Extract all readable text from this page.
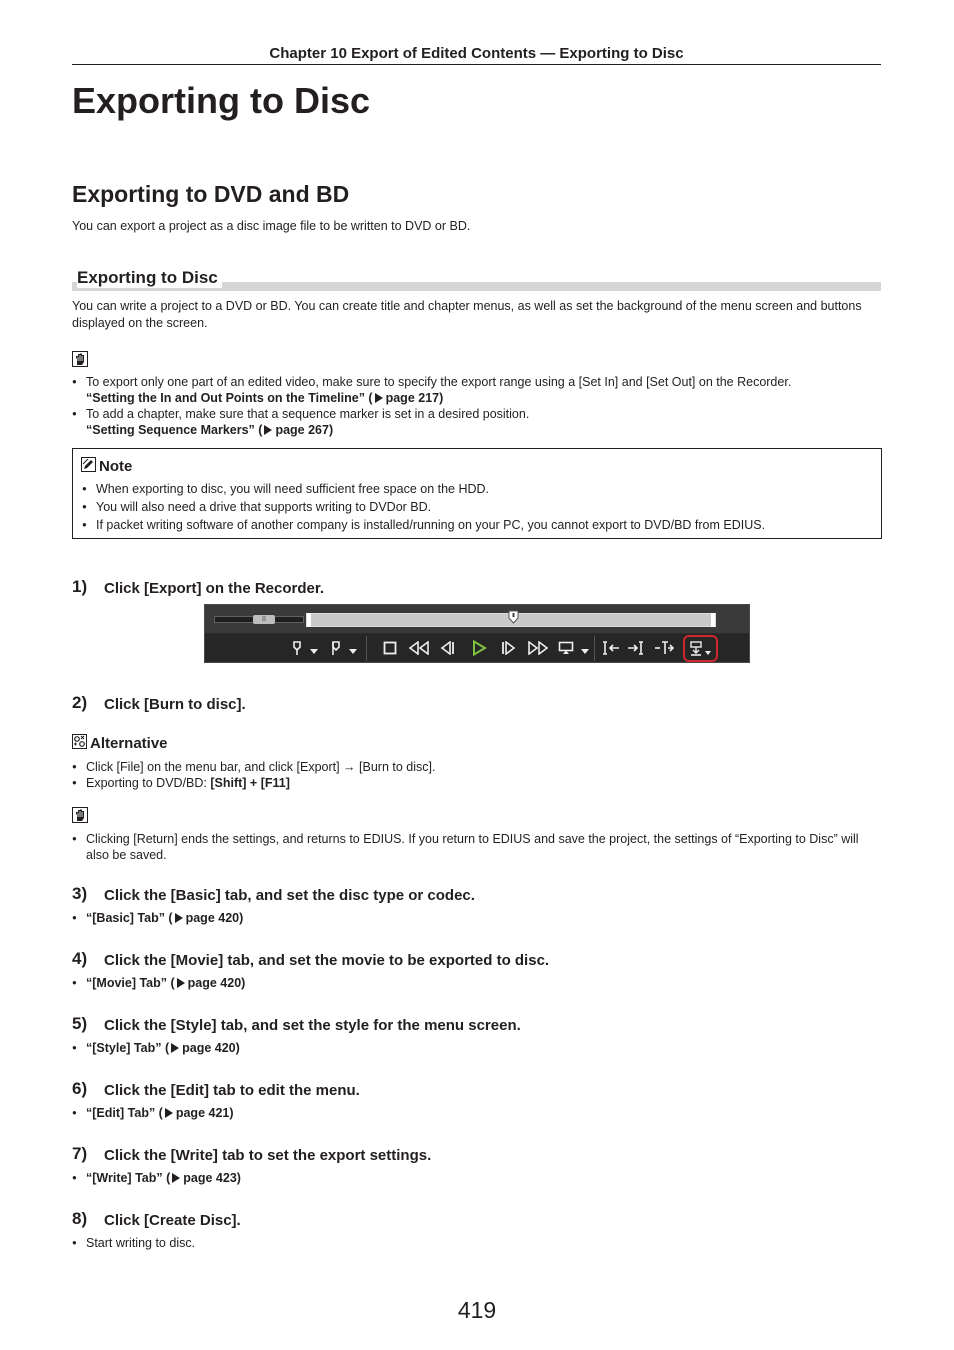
Chapter 10 Export of Edited Contents — Exporting to Disc
Exporting to Disc
Exporting to DVD and BD
You can export a project as a disc image file to be written to DVD or BD.
Exporting to Disc
You can write a project to a DVD or BD. You can create title and chapter menus, as well as set the background of the menu screen and buttons displayed on the screen.
● To export only one part of an edited video, make sure to specify the export range using a [Set In] and [Set Out] on the Recorder.
“Setting the In and Out Points on the Timeline” ( page 217)
● To add a chapter, make sure that a sequence marker is set in a desired position.
“Setting Sequence Markers” ( page 267)
Note
● When exporting to disc, you will need sufficient free space on the HDD.
● You will also need a drive that supports writing to DVDor BD.
● If packet writing software of another company is installed/running on your PC, you cannot export to DVD/BD from EDIUS.
1) Click [Export] on the Recorder.
II
2) Click [Burn to disc].
Alternative
● Click [File] on the menu bar, and click [Export] → [Burn to disc].
● Exporting to DVD/BD: [Shift] + [F11]
● Clicking [Return] ends the settings, and returns to EDIUS. If you return to EDIUS and save the project, the settings of “Exporting to Disc” will also be saved.
3) Click the [Basic] tab, and set the disc type or codec.
● “[Basic] Tab” ( page 420)
4) Click the [Movie] tab, and set the movie to be exported to disc.
● “[Movie] Tab” ( page 420)
5) Click the [Style] tab, and set the style for the menu screen.
● “[Style] Tab” ( page 420)
6) Click the [Edit] tab to edit the menu.
● “[Edit] Tab” ( page 421)
7) Click the [Write] tab to set the export settings.
● “[Write] Tab” ( page 423)
8) Click [Create Disc].
● Start writing to disc.
419
